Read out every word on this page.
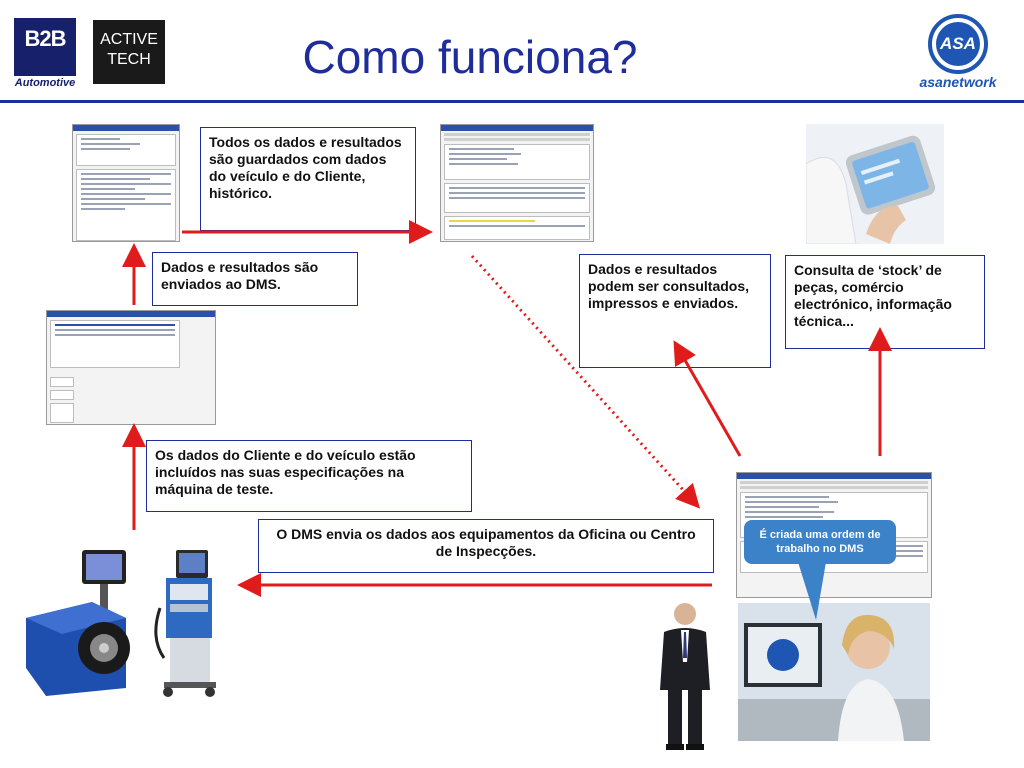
B2B
Automotive
ACTIVE
TECH	Como funciona?	ASA
asanetwork

Todos os dados e resultados são guardados com dados do veículo e do Cliente, histórico.
Dados e resultados são enviados ao DMS.
Dados e resultados podem ser consultados, impressos e enviados.
Consulta de ‘stock’ de peças, comércio electrónico, informação técnica...
Os dados do Cliente e do veículo estão incluídos nas suas especificações na máquina de teste.
O DMS envia os dados aos equipamentos da Oficina ou Centro de Inspecções.
É criada uma ordem de trabalho no DMS
